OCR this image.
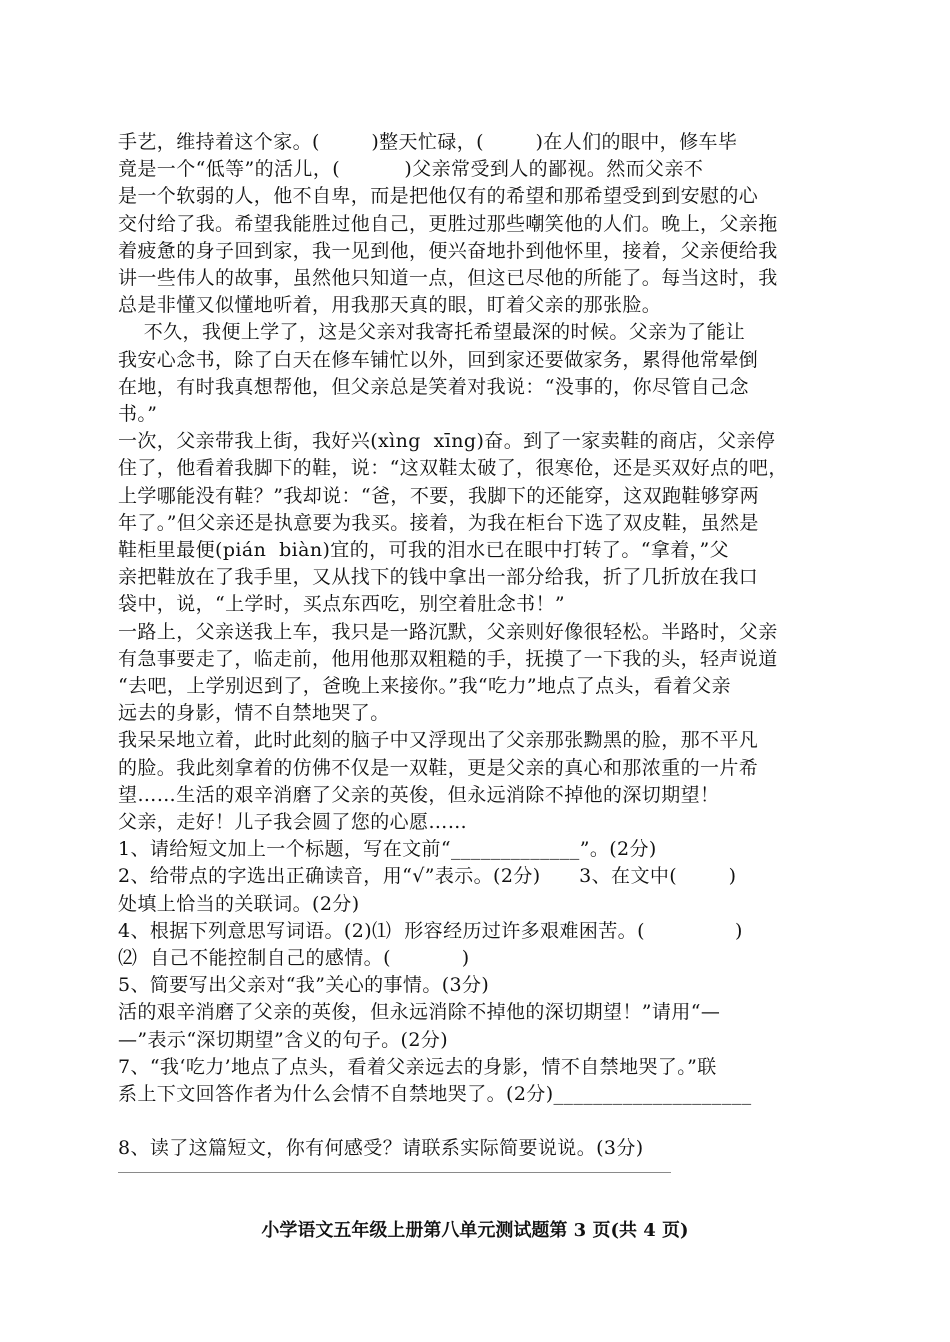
手艺，维持着这个家。(        )整天忙碌，(        )在人们的眼中，修车毕
竟是一个“低等”的活儿，(          )父亲常受到人的鄙视。然而父亲不
是一个软弱的人，他不自卑，而是把他仅有的希望和那希望受到到安慰的心
交付给了我。希望我能胜过他自己，更胜过那些嘲笑他的人们。晚上，父亲拖
着疲惫的身子回到家，我一见到他，便兴奋地扑到他怀里，接着，父亲便给我
讲一些伟人的故事，虽然他只知道一点，但这已尽他的所能了。每当这时，我
总是非懂又似懂地听着，用我那天真的眼，盯着父亲的那张脸。
不久，我便上学了，这是父亲对我寄托希望最深的时候。父亲为了能让
我安心念书，除了白天在修车铺忙以外，回到家还要做家务，累得他常晕倒
在地，有时我真想帮他，但父亲总是笑着对我说：“没事的，你尽管自己念
书。”
一次，父亲带我上街，我好兴(xìng  xīng)奋。到了一家卖鞋的商店，父亲停
住了，他看着我脚下的鞋，说：“这双鞋太破了，很寒伧，还是买双好点的吧，
上学哪能没有鞋？”我却说：“爸，不要，我脚下的还能穿，这双跑鞋够穿两
年了。”但父亲还是执意要为我买。接着，为我在柜台下选了双皮鞋，虽然是
鞋柜里最便(pián  biàn)宜的，可我的泪水已在眼中打转了。“拿着，”父
亲把鞋放在了我手里，又从找下的钱中拿出一部分给我，折了几折放在我口
袋中，说，“上学时，买点东西吃，别空着肚念书！”
一路上，父亲送我上车，我只是一路沉默，父亲则好像很轻松。半路时，父亲
有急事要走了，临走前，他用他那双粗糙的手，抚摸了一下我的头，轻声说道
“去吧，上学别迟到了，爸晚上来接你。”我“吃力”地点了点头，看着父亲
远去的身影，情不自禁地哭了。
我呆呆地立着，此时此刻的脑子中又浮现出了父亲那张黝黑的脸，那不平凡
的脸。我此刻拿着的仿佛不仅是一双鞋，更是父亲的真心和那浓重的一片希
望……生活的艰辛消磨了父亲的英俊，但永远消除不掉他的深切期望！
父亲，走好！儿子我会圆了您的心愿……
1、请给短文加上一个标题，写在文前“_____________”。(2分)
2、给带点的字选出正确读音，用“√”表示。(2分)      3、在文中(        )
处填上恰当的关联词。(2分)
4、根据下列意思写词语。(2)⑴  形容经历过许多艰难困苦。(              )
⑵  自己不能控制自己的感情。(           )
5、简要写出父亲对“我”关心的事情。(3分)
活的艰辛消磨了父亲的英俊，但永远消除不掉他的深切期望！”请用“—
—”表示“深切期望”含义的句子。(2分)
7、“我‘吃力’地点了点头，看着父亲远去的身影，情不自禁地哭了。”联
系上下文回答作者为什么会情不自禁地哭了。(2分)____________________
8、读了这篇短文，你有何感受？请联系实际简要说说。(3分)
小学语文五年级上册第八单元测试题第 3 页(共 4 页)
